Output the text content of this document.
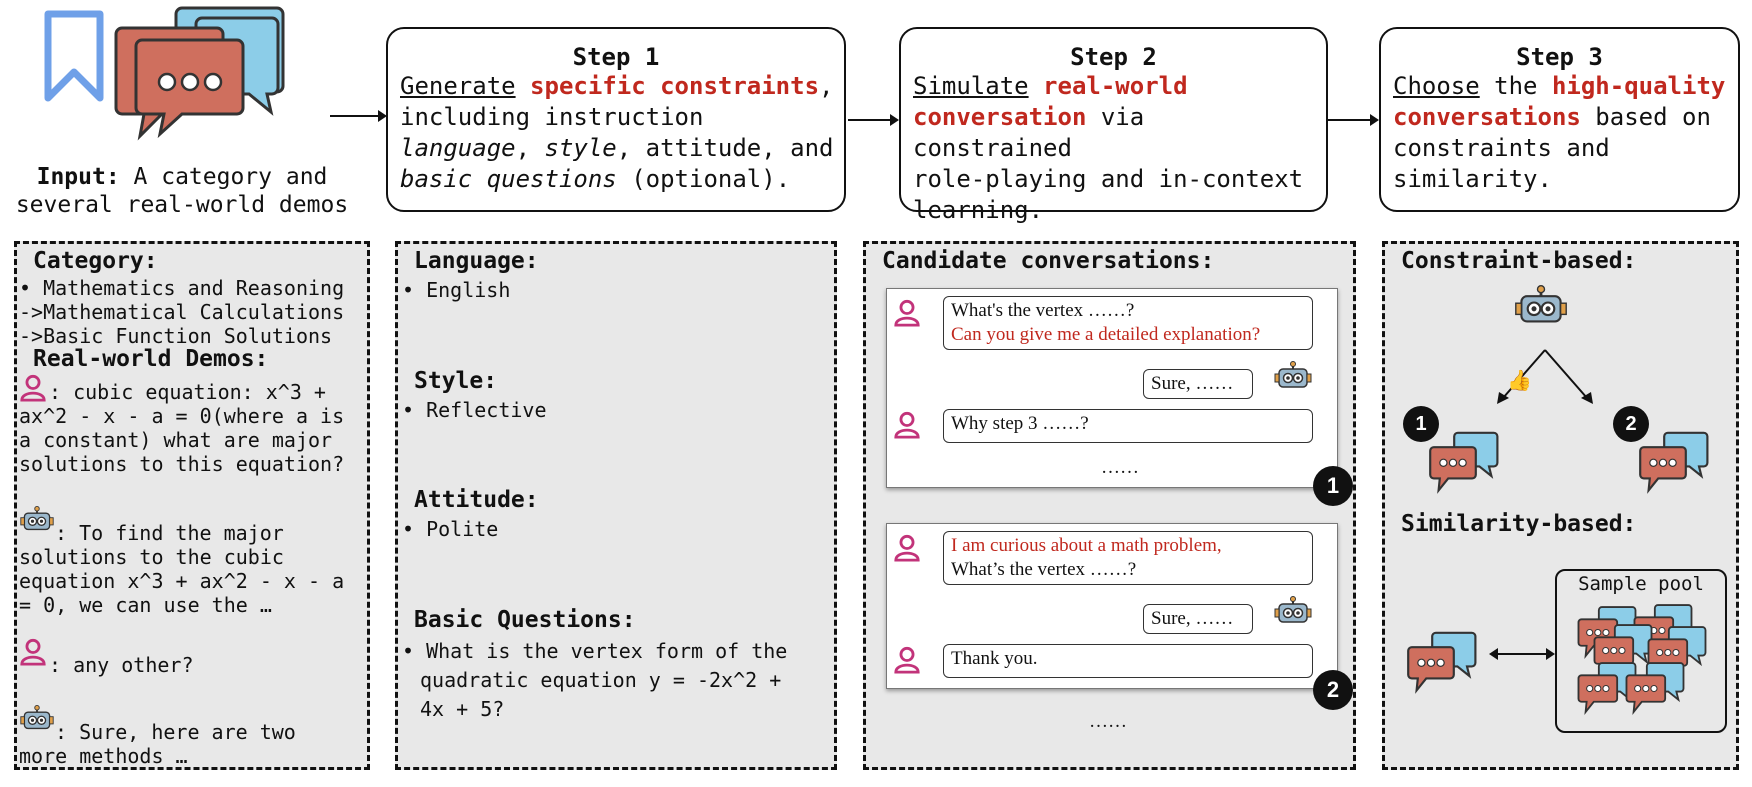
Input: A category and
several real-world demos
Step 1
Generate specific constraints,
including instruction
language, style, attitude, and
basic questions (optional).
Step 2
Simulate real-world
conversation via constrained
role-playing and in-context
learning.
Step 3
Choose the high-quality
conversations based on
constraints and
similarity.
Category:
• Mathematics and Reasoning
->Mathematical Calculations
->Basic Function Solutions
Real-world Demos:
: cubic equation: x^3 +
ax^2 - x - a = 0(where a is
a constant) what are major
solutions to this equation?
: To find the major
solutions to the cubic
equation x^3 + ax^2 - x - a
= 0, we can use the …
: any other?
: Sure, here are two
more methods …
Language:
• English
Style:
• Reflective
Attitude:
• Polite
Basic Questions:
• What is the vertex form of the
quadratic equation y = -2x^2 +
4x + 5?
Candidate conversations:
What's the vertex ……?
Can you give me a detailed explanation?
Sure, ……
Why step 3 ……?
……
1
I am curious about a math problem,
What’s the vertex ……?
Sure, ……
Thank you.
2
……
Constraint-based:
👍
1	2
Similarity-based:
Sample pool
